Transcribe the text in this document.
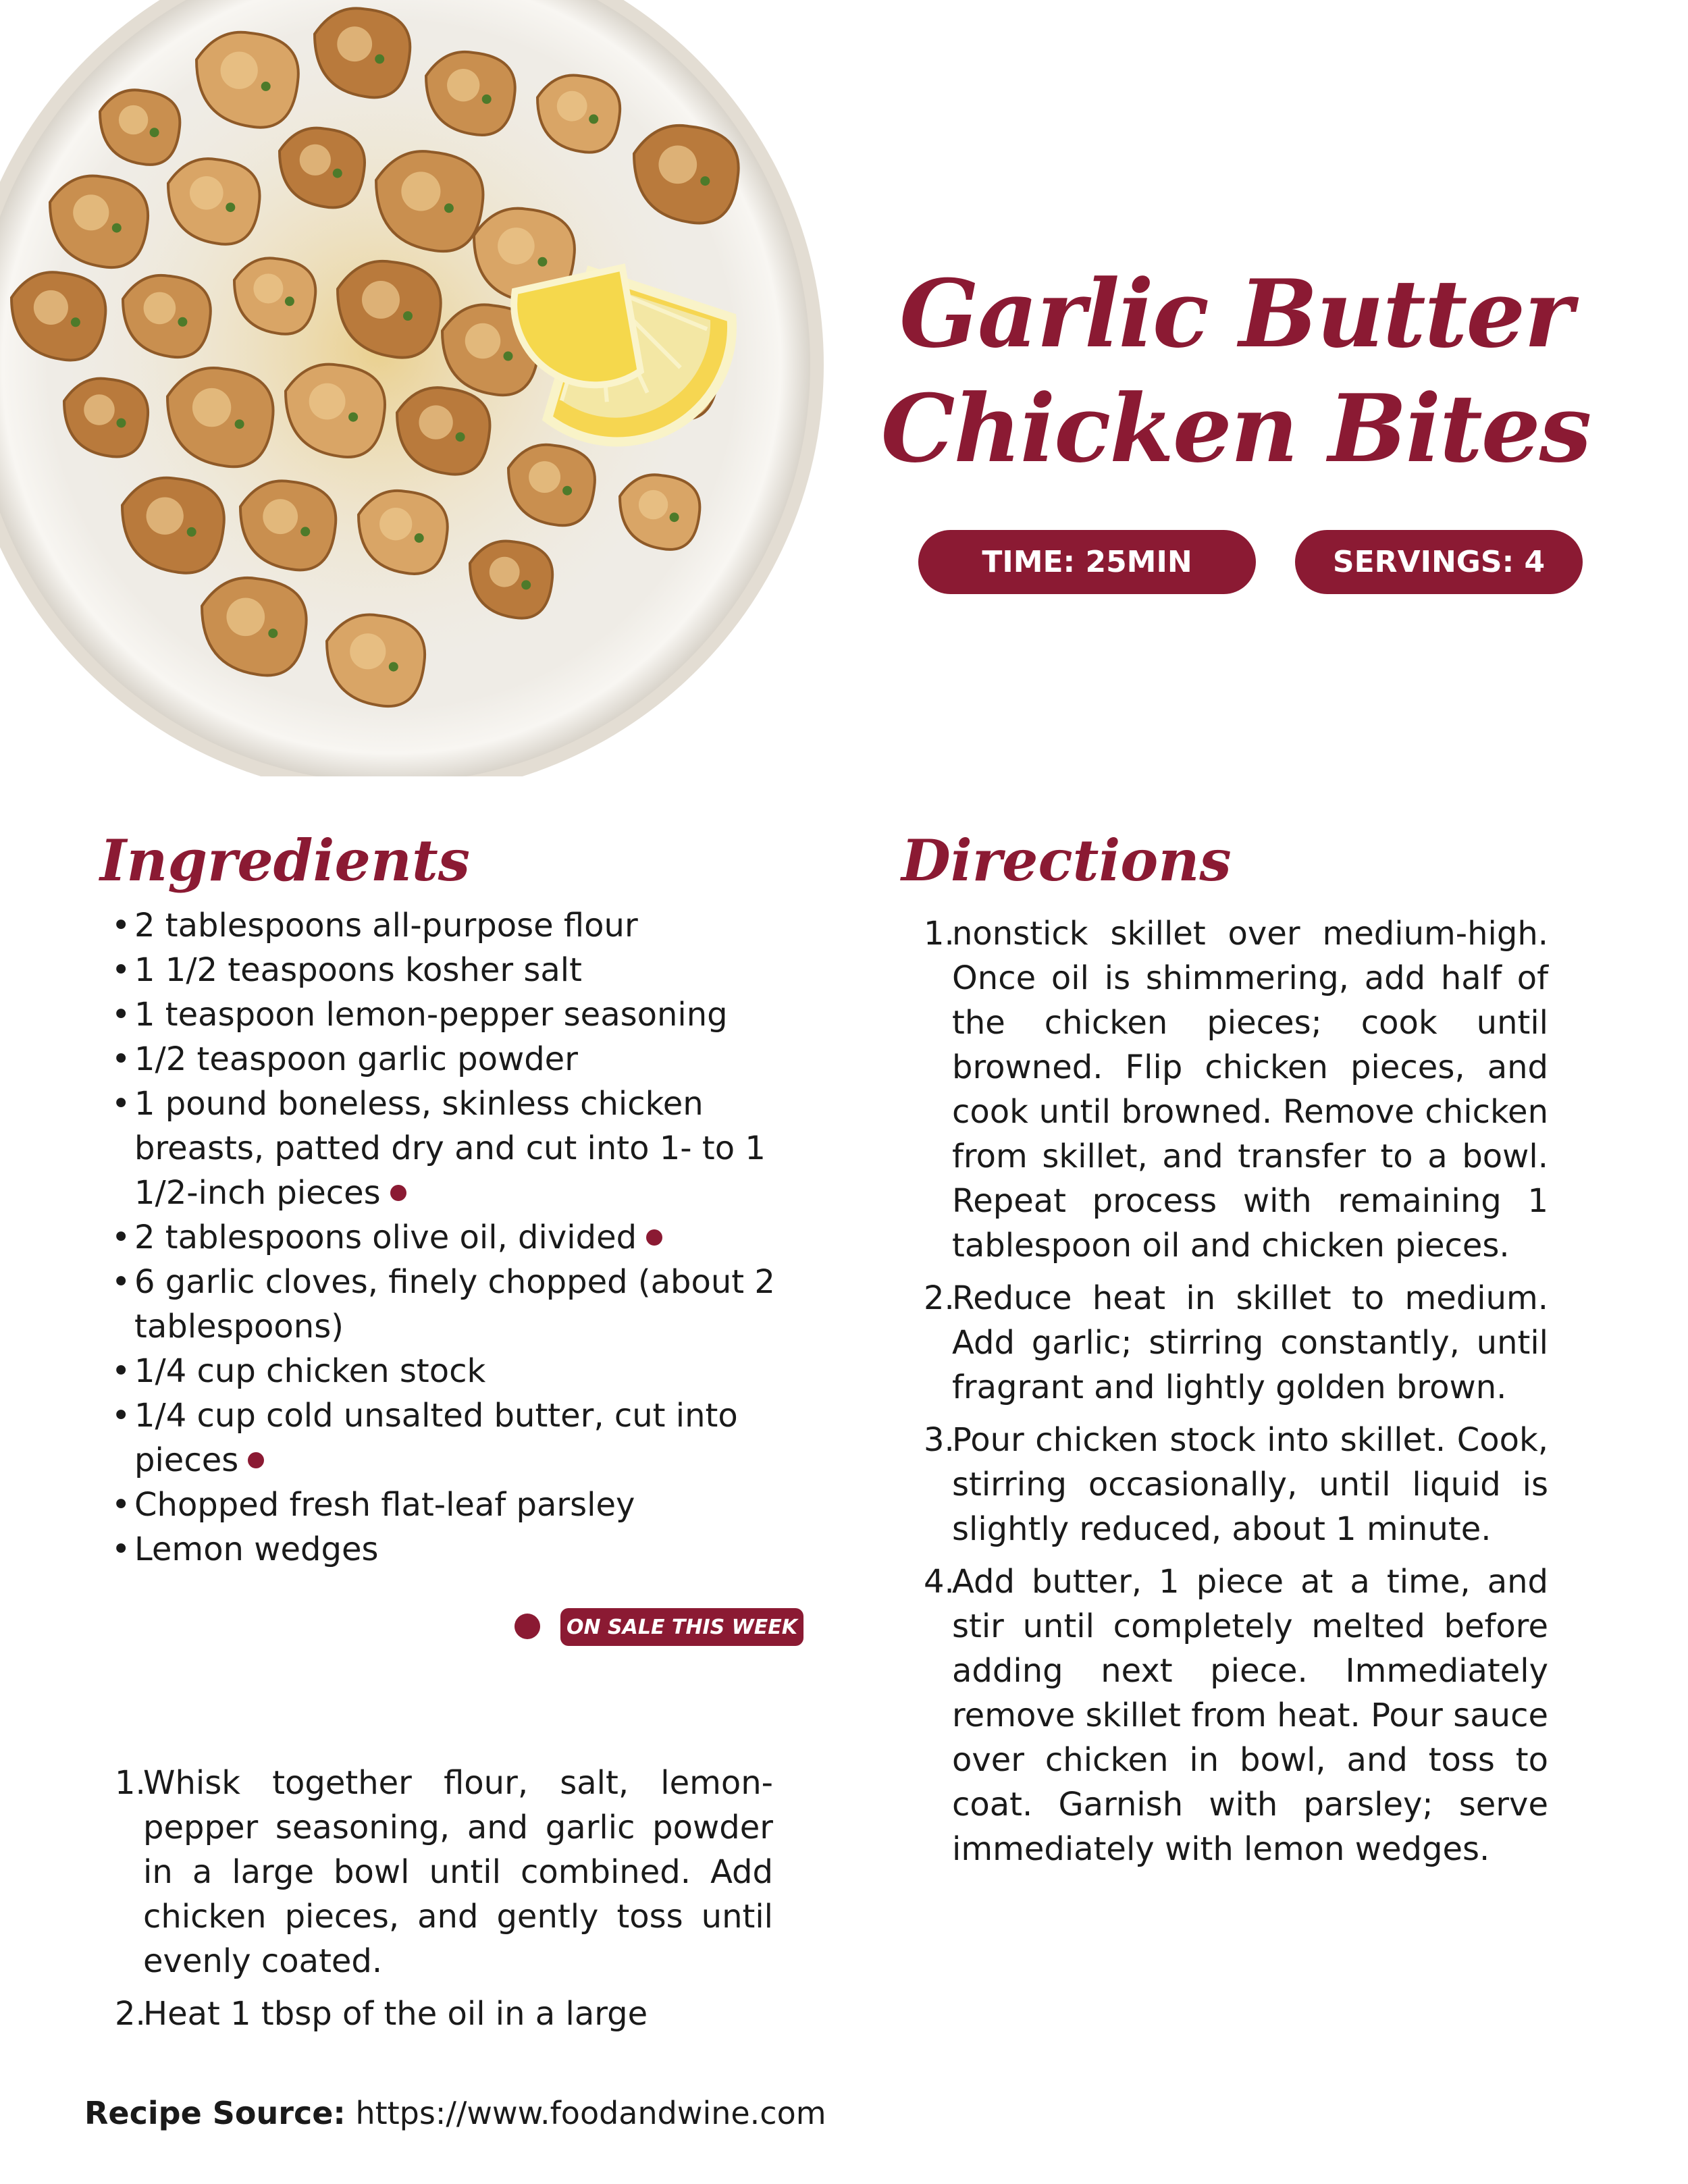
Garlic Butter
Chicken Bites
TIME: 25MIN	SERVINGS: 4
Ingredients	Directions
• 2 tablespoons all-purpose flour
• 1 1/2 teaspoons kosher salt
• 1 teaspoon lemon-pepper seasoning
• 1/2 teaspoon garlic powder
• 1 pound boneless, skinless chicken breasts, patted dry and cut into 1- to 1 1/2-inch pieces
• 2 tablespoons olive oil, divided
• 6 garlic cloves, finely chopped (about 2 tablespoons)
• 1/4 cup chicken stock
• 1/4 cup cold unsalted butter, cut into pieces
• Chopped fresh flat-leaf parsley
• Lemon wedges
ON SALE THIS WEEK
1.
Whisk together flour, salt, lemon-pepper seasoning, and garlic powder in a large bowl until combined. Add chicken pieces, and gently toss until evenly coated.
2.
Heat 1 tbsp of the oil in a large
1.
nonstick skillet over medium-high. Once oil is shimmering, add half of the chicken pieces; cook until browned. Flip chicken pieces, and cook until browned. Remove chicken from skillet, and transfer to a bowl. Repeat process with remaining 1 tablespoon oil and chicken pieces.
2.
Reduce heat in skillet to medium. Add garlic; stirring constantly, until fragrant and lightly golden brown.
3.
Pour chicken stock into skillet. Cook, stirring occasionally, until liquid is slightly reduced, about 1 minute.
4.
Add butter, 1 piece at a time, and stir until completely melted before adding next piece. Immediately remove skillet from heat. Pour sauce over chicken in bowl, and toss to coat. Garnish with parsley; serve immediately with lemon wedges.
Recipe Source: https://www.foodandwine.com
